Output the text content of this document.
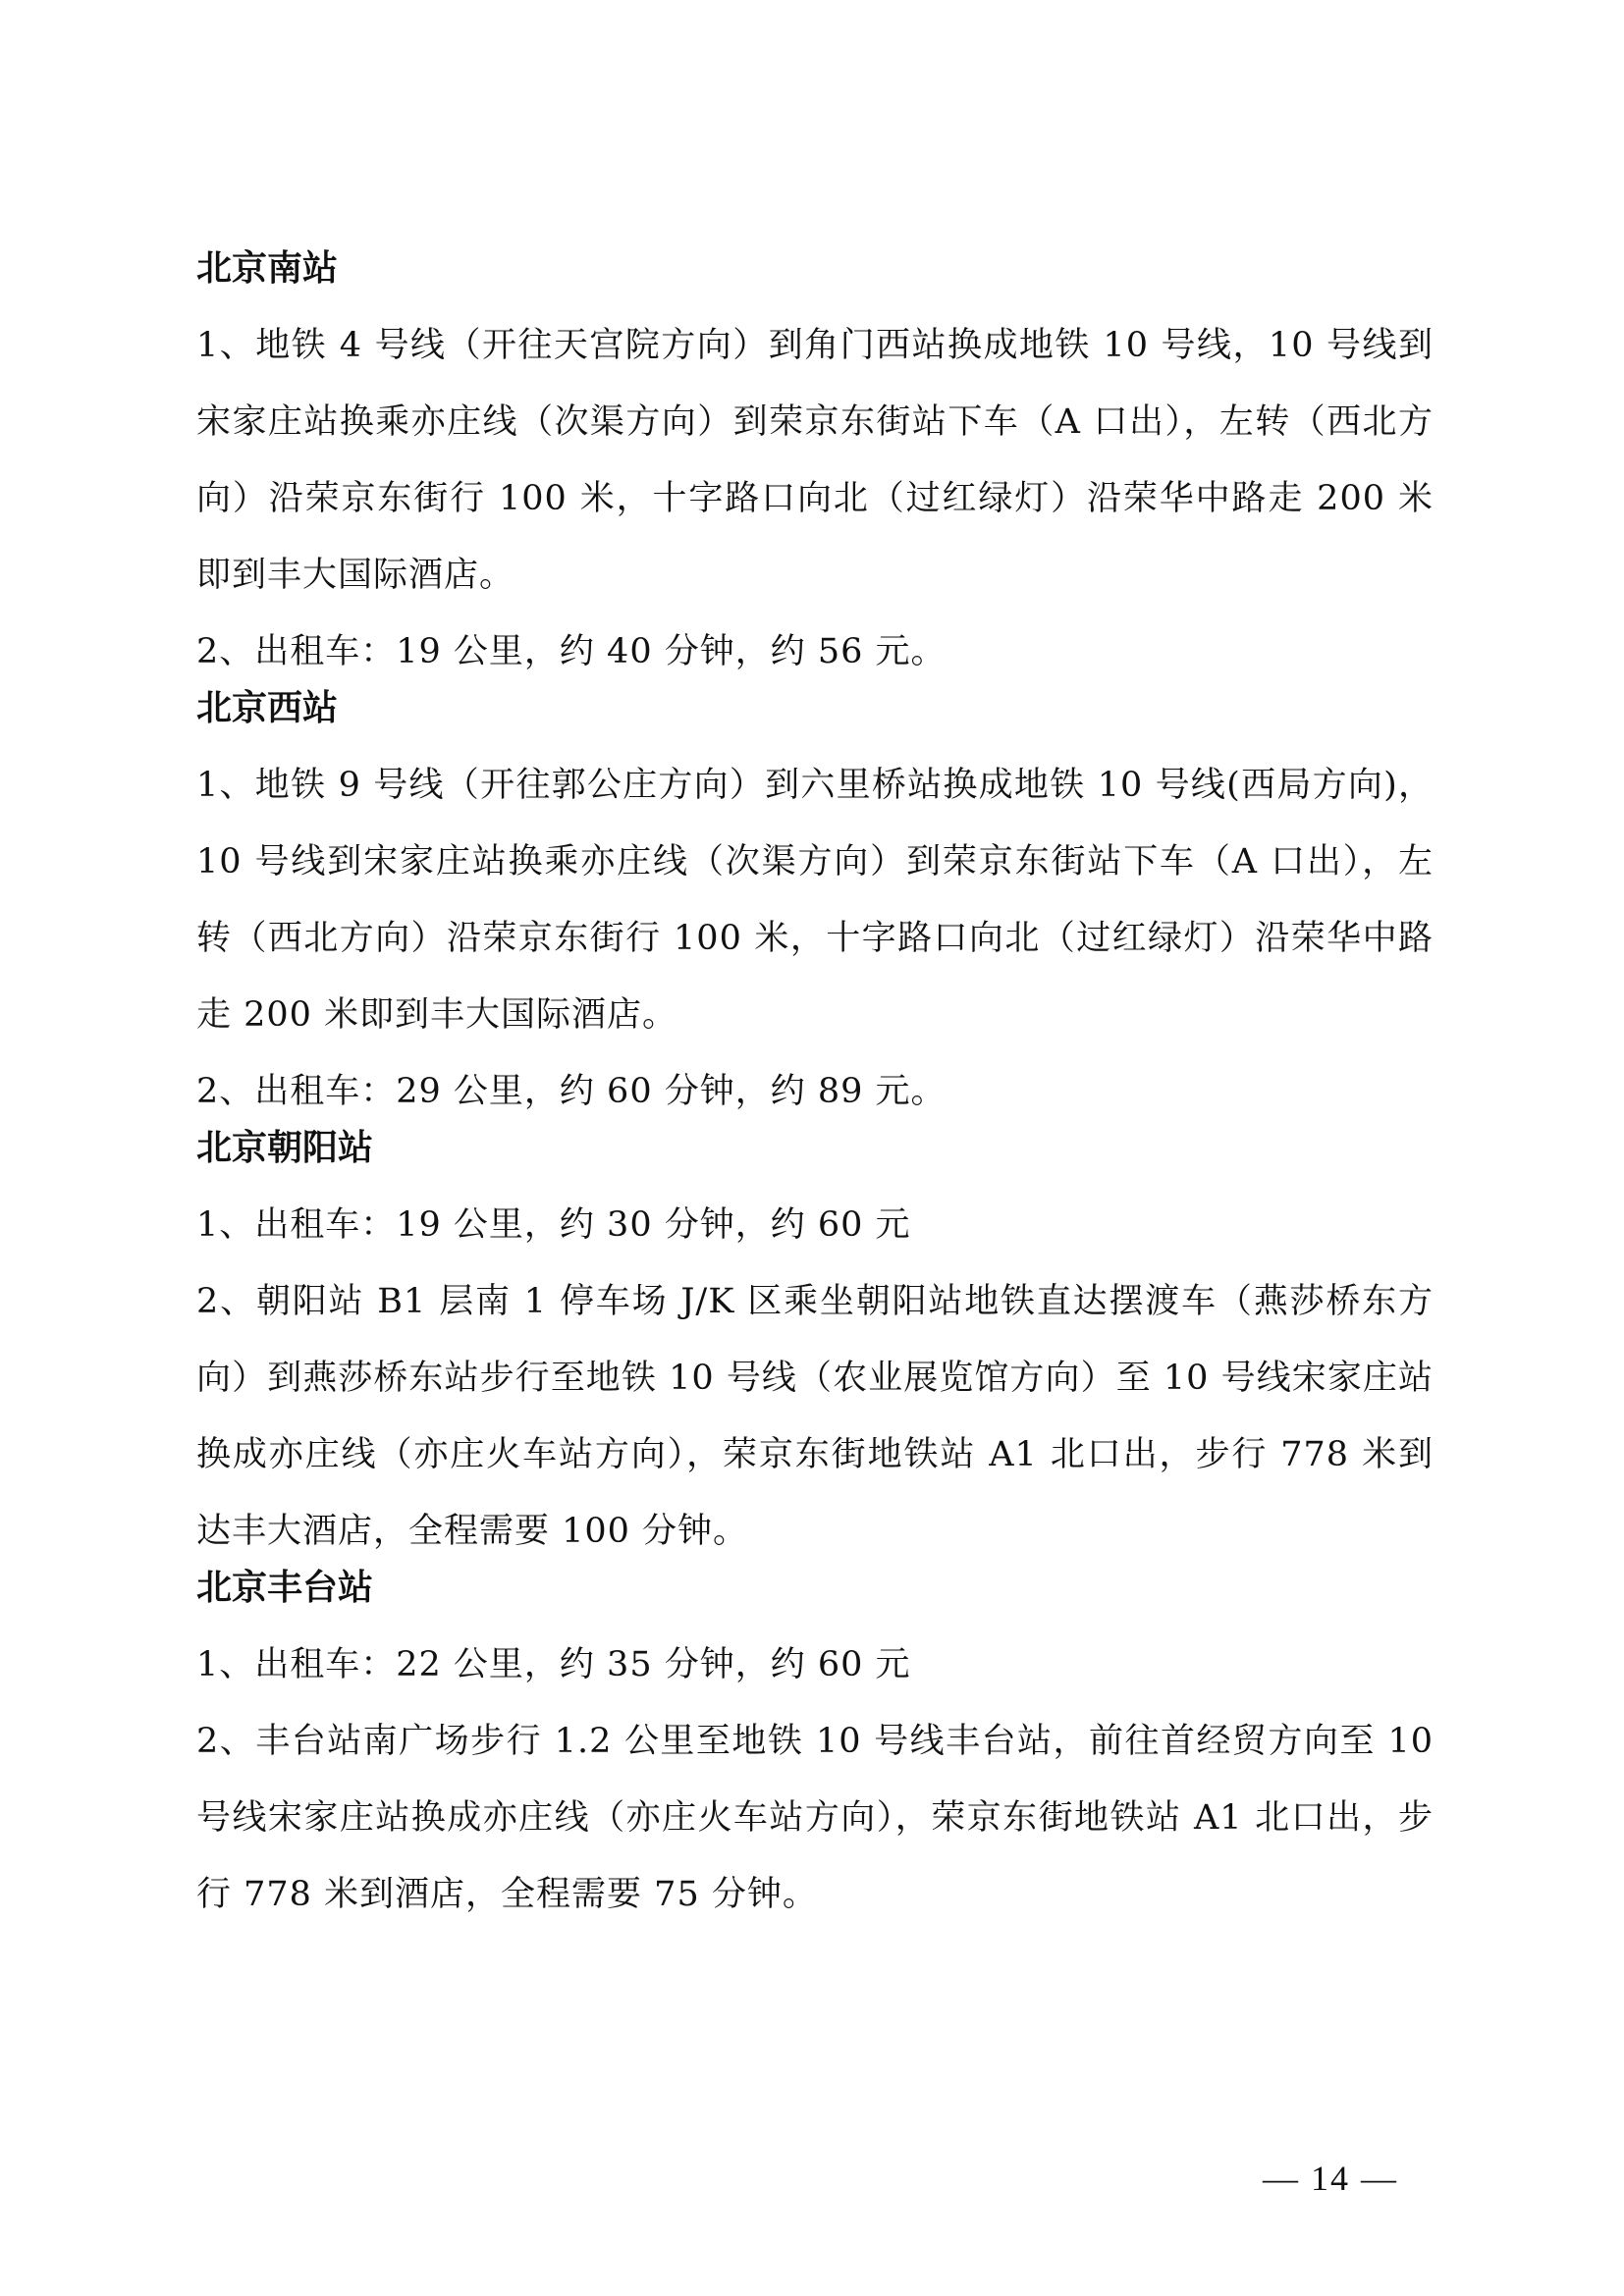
北京南站
1、地铁 4 号线（开往天宫院方向）到角门西站换成地铁 10 号线，10 号线到宋家庄站换乘亦庄线（次渠方向）到荣京东街站下车（A 口出），左转（西北方向）沿荣京东街行 100 米，十字路口向北（过红绿灯）沿荣华中路走 200 米即到丰大国际酒店。
2、出租车：19 公里，约 40 分钟，约 56 元。
北京西站
1、地铁 9 号线（开往郭公庄方向）到六里桥站换成地铁 10 号线(西局方向)，10 号线到宋家庄站换乘亦庄线（次渠方向）到荣京东街站下车（A 口出），左转（西北方向）沿荣京东街行 100 米，十字路口向北（过红绿灯）沿荣华中路走 200 米即到丰大国际酒店。
2、出租车：29 公里，约 60 分钟，约 89 元。
北京朝阳站
1、出租车：19 公里，约 30 分钟，约 60 元
2、朝阳站 B1 层南 1 停车场 J/K 区乘坐朝阳站地铁直达摆渡车（燕莎桥东方向）到燕莎桥东站步行至地铁 10 号线（农业展览馆方向）至 10 号线宋家庄站换成亦庄线（亦庄火车站方向），荣京东街地铁站 A1 北口出，步行 778 米到达丰大酒店，全程需要 100 分钟。
北京丰台站
1、出租车：22 公里，约 35 分钟，约 60 元
2、丰台站南广场步行 1.2 公里至地铁 10 号线丰台站，前往首经贸方向至 10 号线宋家庄站换成亦庄线（亦庄火车站方向），荣京东街地铁站 A1 北口出，步行 778 米到酒店，全程需要 75 分钟。
— 14 —
